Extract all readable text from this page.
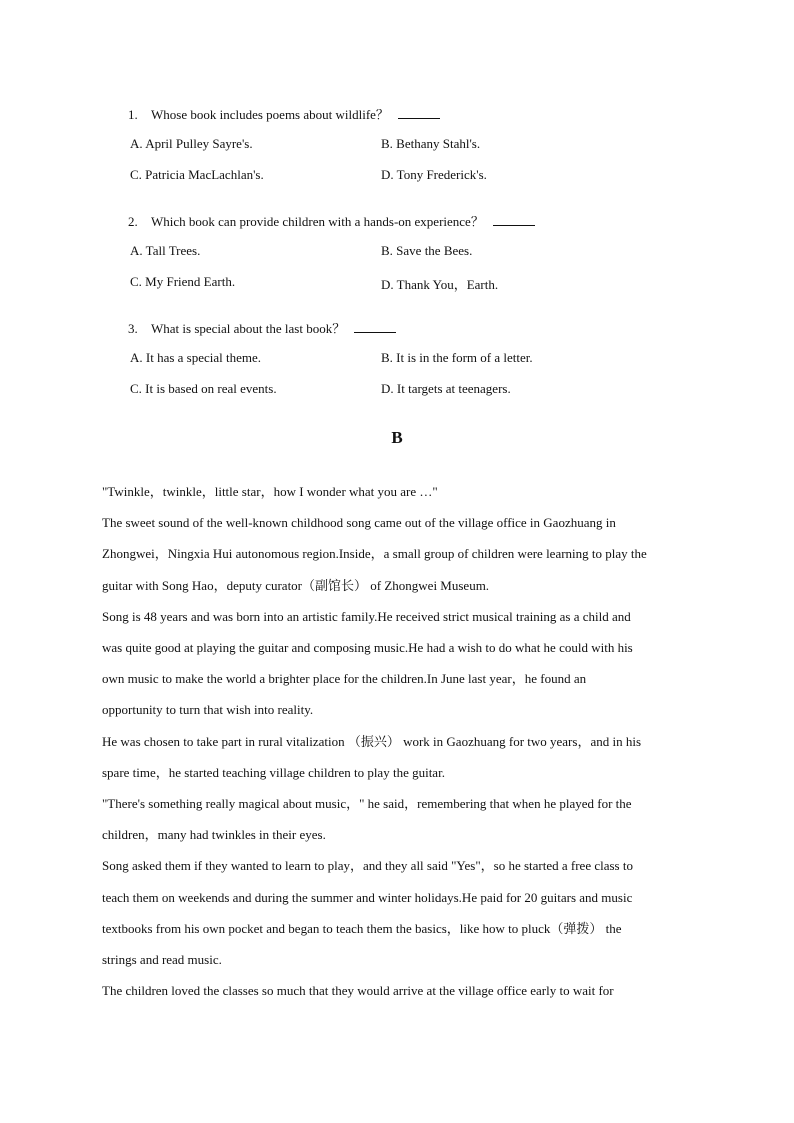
1. Whose book includes poems about wildlife？
A. April Pulley Sayre's.	B. Bethany Stahl's.
C. Patricia MacLachlan's.	D. Tony Frederick's.
2. Which book can provide children with a hands-on experience？
A. Tall Trees.	B. Save the Bees.
C. My Friend Earth.	D. Thank You，Earth.
3. What is special about the last book？
A. It has a special theme.	B. It is in the form of a letter.
C. It is based on real events.	D. It targets at teenagers.
B
"Twinkle，twinkle，little star，how I wonder what you are …"
The sweet sound of the well-known childhood song came out of the village office in Gaozhuang in
Zhongwei，Ningxia Hui autonomous region.Inside，a small group of children were learning to play the
guitar with Song Hao，deputy curator（副馆长） of Zhongwei Museum.
Song is 48 years and was born into an artistic family.He received strict musical training as a child and
was quite good at playing the guitar and composing music.He had a wish to do what he could with his
own music to make the world a brighter place for the children.In June last year，he found an
opportunity to turn that wish into reality.
He was chosen to take part in rural vitalization （振兴） work in Gaozhuang for two years，and in his
spare time，he started teaching village children to play the guitar.
"There's something really magical about music，" he said，remembering that when he played for the
children，many had twinkles in their eyes.
Song asked them if they wanted to learn to play，and they all said "Yes"，so he started a free class to
teach them on weekends and during the summer and winter holidays.He paid for 20 guitars and music
textbooks from his own pocket and began to teach them the basics，like how to pluck（弹拨） the
strings and read music.
The children loved the classes so much that they would arrive at the village office early to wait for
